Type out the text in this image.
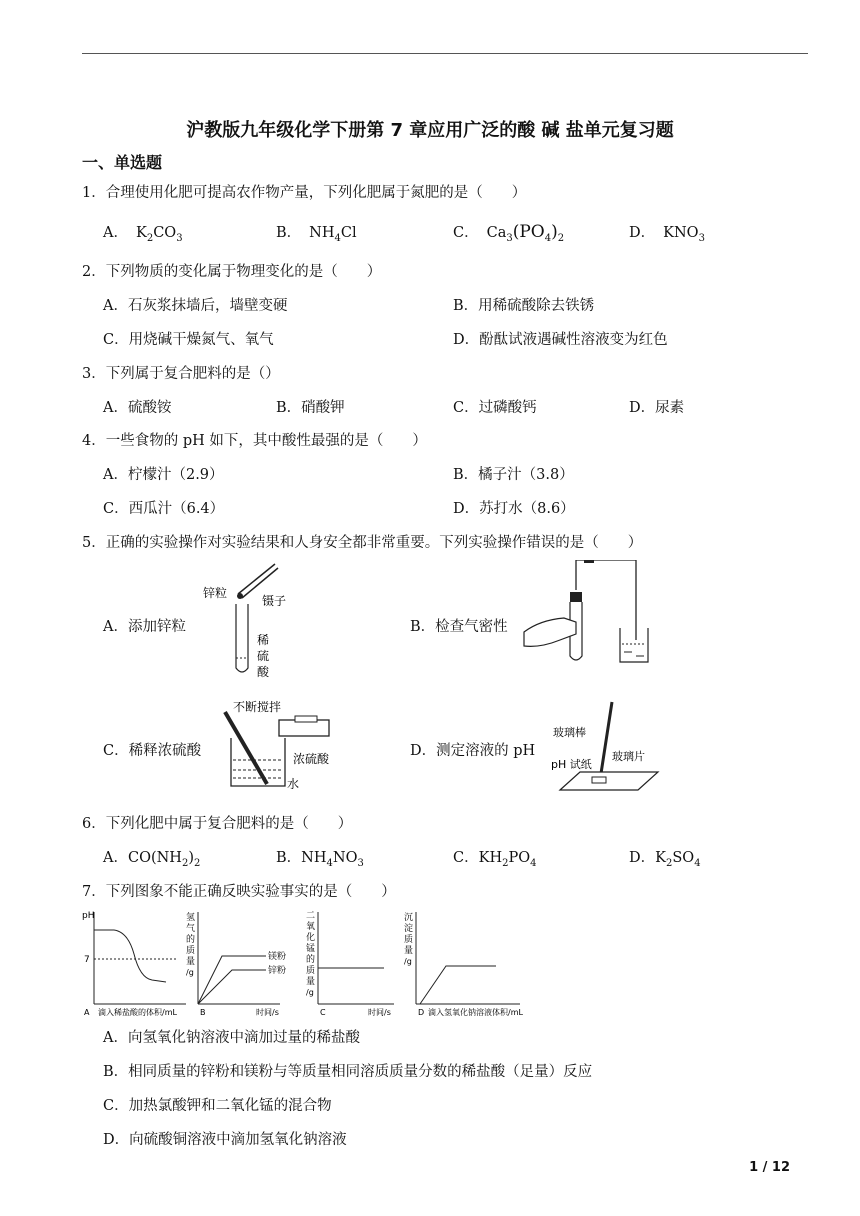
沪教版九年级化学下册第 7 章应用广泛的酸 碱 盐单元复习题
一、单选题
1．合理使用化肥可提高农作物产量，下列化肥属于氮肥的是（　　）
A． $K_2CO_3$	B． $NH_4Cl$	C． $Ca_3(PO_4)_2$	D． $KNO_3$
2．下列物质的变化属于物理变化的是（　　）
A．石灰浆抹墙后，墙壁变硬	B．用稀硫酸除去铁锈
C．用烧碱干燥氮气、氧气	D．酚酞试液遇碱性溶液变为红色
3．下列属于复合肥料的是（）
A．硫酸铵	B．硝酸钾	C．过磷酸钙	D．尿素
4．一些食物的 pH 如下，其中酸性最强的是（　　）
A．柠檬汁（2.9）	B．橘子汁（3.8）
C．西瓜汁（6.4）	D．苏打水（8.6）
5．正确的实验操作对实验结果和人身安全都非常重要。下列实验操作错误的是（　　）
A．添加锌粒	B．检查气密性
C．稀释浓硫酸	D．测定溶液的 pH
锌粒
镊子
稀
硫
酸
不断搅拌
浓硫酸
水
玻璃棒
玻璃片
pH 试纸
6．下列化肥中属于复合肥料的是（　　）
A．$CO(NH_2)_2$	B．$NH_4NO_3$	C．$KH_2PO_4$	D．$K_2SO_4$
7．下列图象不能正确反映实验事实的是（　　）
pH
7
A 滴入稀盐酸的体积/mL
氢
气
的
质
量
/g
镁粉
锌粉
B	时间/s
二
氧
化
锰
的
质
量
/g
C	时间/s
沉
淀
质
量
/g
D 滴入氢氧化钠溶液体积/mL
A．向氢氧化钠溶液中滴加过量的稀盐酸
B．相同质量的锌粉和镁粉与等质量相同溶质质量分数的稀盐酸（足量）反应
C．加热氯酸钾和二氧化锰的混合物
D．向硫酸铜溶液中滴加氢氧化钠溶液
1 / 12
